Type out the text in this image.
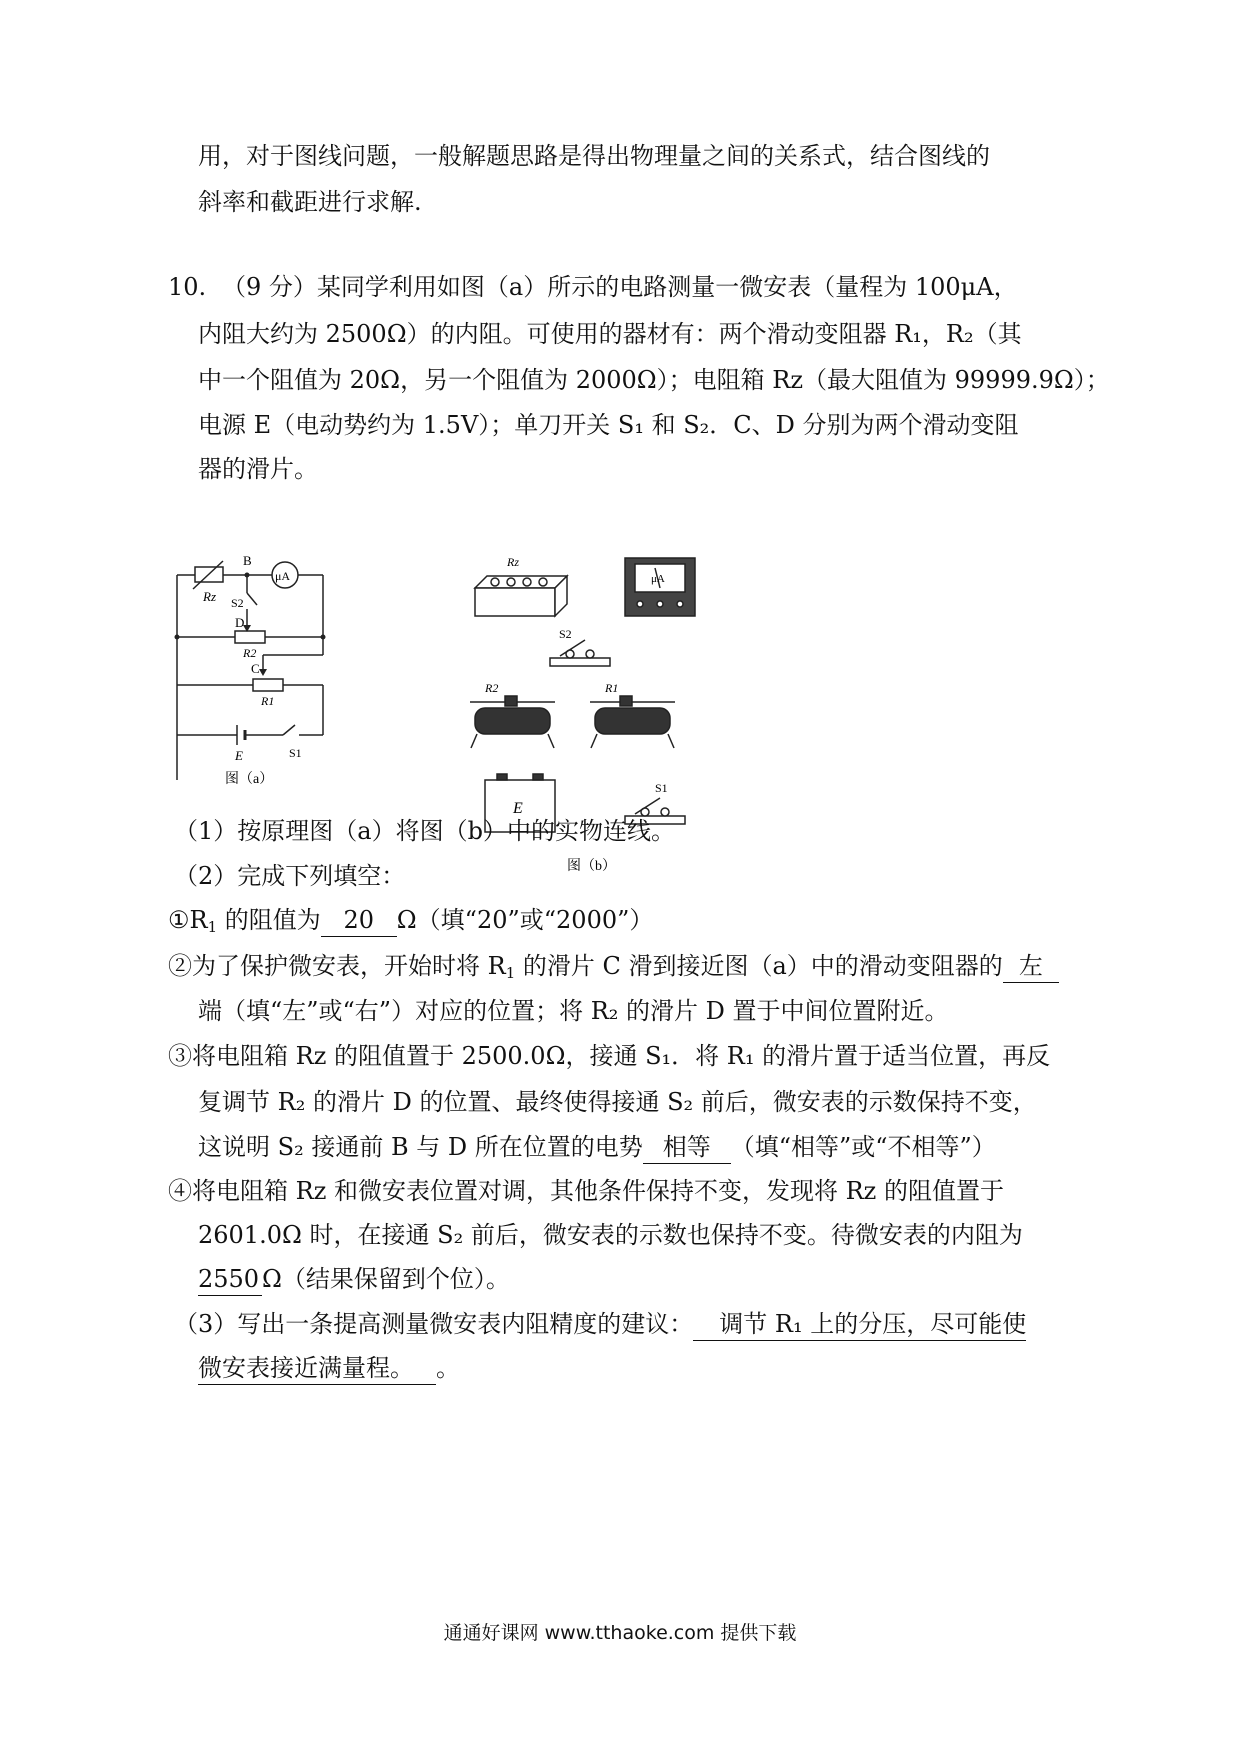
用，对于图线问题，一般解题思路是得出物理量之间的关系式，结合图线的
斜率和截距进行求解.
10. （9 分）某同学利用如图（a）所示的电路测量一微安表（量程为 100μA，
内阻大约为 2500Ω）的内阻。可使用的器材有：两个滑动变阻器 R₁，R₂（其
中一个阻值为 20Ω，另一个阻值为 2000Ω）；电阻箱 Rz（最大阻值为 99999.9Ω）；
电源 E（电动势约为 1.5V）；单刀开关 S₁ 和 S₂．C、D 分别为两个滑动变阻
器的滑片。
Rz
B
μA
S2
D
R2
C
R1
E	S1
图（a）
Rz
μA
S2
R2	R1
E
S1
图（b）
（1）按原理图（a）将图（b）中的实物连线。
（2）完成下列填空：
$①R_1$ 的阻值为 20 Ω（填“20”或“2000”）
②为了保护微安表，开始时将 $R_1$ 的滑片 C 滑到接近图（a）中的滑动变阻器的 左
端（填“左”或“右”）对应的位置；将 R₂ 的滑片 D 置于中间位置附近。
③将电阻箱 Rz 的阻值置于 2500.0Ω，接通 S₁．将 R₁ 的滑片置于适当位置，再反
复调节 R₂ 的滑片 D 的位置、最终使得接通 S₂ 前后，微安表的示数保持不变，
这说明 S₂ 接通前 B 与 D 所在位置的电势 相等 （填“相等”或“不相等”）
④将电阻箱 Rz 和微安表位置对调，其他条件保持不变，发现将 Rz 的阻值置于
2601.0Ω 时，在接通 S₂ 前后，微安表的示数也保持不变。待微安表的内阻为
2550 Ω（结果保留到个位）。
（3）写出一条提高测量微安表内阻精度的建议： 调节 R₁ 上的分压，尽可能使
微安表接近满量程。 。
通通好课网 www.tthaoke.com 提供下载
